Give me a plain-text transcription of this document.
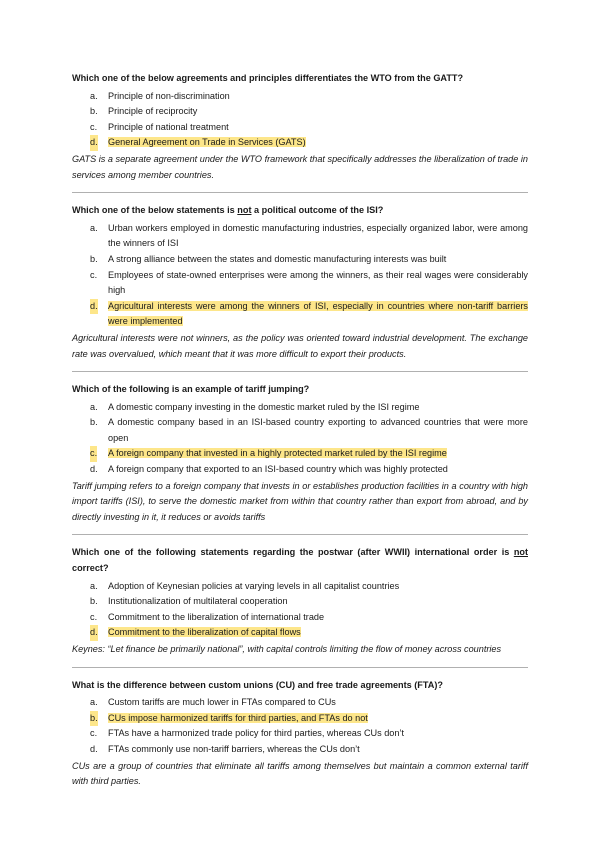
Which one of the below agreements and principles differentiates the WTO from the GATT?

a. Principle of non-discrimination
b. Principle of reciprocity
c. Principle of national treatment
d. General Agreement on Trade in Services (GATS)

GATS is a separate agreement under the WTO framework that specifically addresses the liberalization of trade in services among member countries.

Which one of the below statements is not a political outcome of the ISI?

a. Urban workers employed in domestic manufacturing industries, especially organized labor, were among the winners of ISI
b. A strong alliance between the states and domestic manufacturing interests was built
c. Employees of state-owned enterprises were among the winners, as their real wages were considerably high
d. Agricultural interests were among the winners of ISI, especially in countries where non-tariff barriers were implemented

Agricultural interests were not winners, as the policy was oriented toward industrial development. The exchange rate was overvalued, which meant that it was more difficult to export their products.

Which of the following is an example of tariff jumping?

a. A domestic company investing in the domestic market ruled by the ISI regime
b. A domestic company based in an ISI-based country exporting to advanced countries that were more open
c. A foreign company that invested in a highly protected market ruled by the ISI regime
d. A foreign company that exported to an ISI-based country which was highly protected

Tariff jumping refers to a foreign company that invests in or establishes production facilities in a country with high import tariffs (ISI), to serve the domestic market from within that country rather than export from abroad, and by directly investing in it, it reduces or avoids tariffs

Which one of the following statements regarding the postwar (after WWII) international order is not correct?

a. Adoption of Keynesian policies at varying levels in all capitalist countries
b. Institutionalization of multilateral cooperation
c. Commitment to the liberalization of international trade
d. Commitment to the liberalization of capital flows

Keynes: “Let finance be primarily national”, with capital controls limiting the flow of money across countries

What is the difference between custom unions (CU) and free trade agreements (FTA)?

a. Custom tariffs are much lower in FTAs compared to CUs
b. CUs impose harmonized tariffs for third parties, and FTAs do not
c. FTAs have a harmonized trade policy for third parties, whereas CUs don’t
d. FTAs commonly use non-tariff barriers, whereas the CUs don’t

CUs are a group of countries that eliminate all tariffs among themselves but maintain a common external tariff with third parties.
